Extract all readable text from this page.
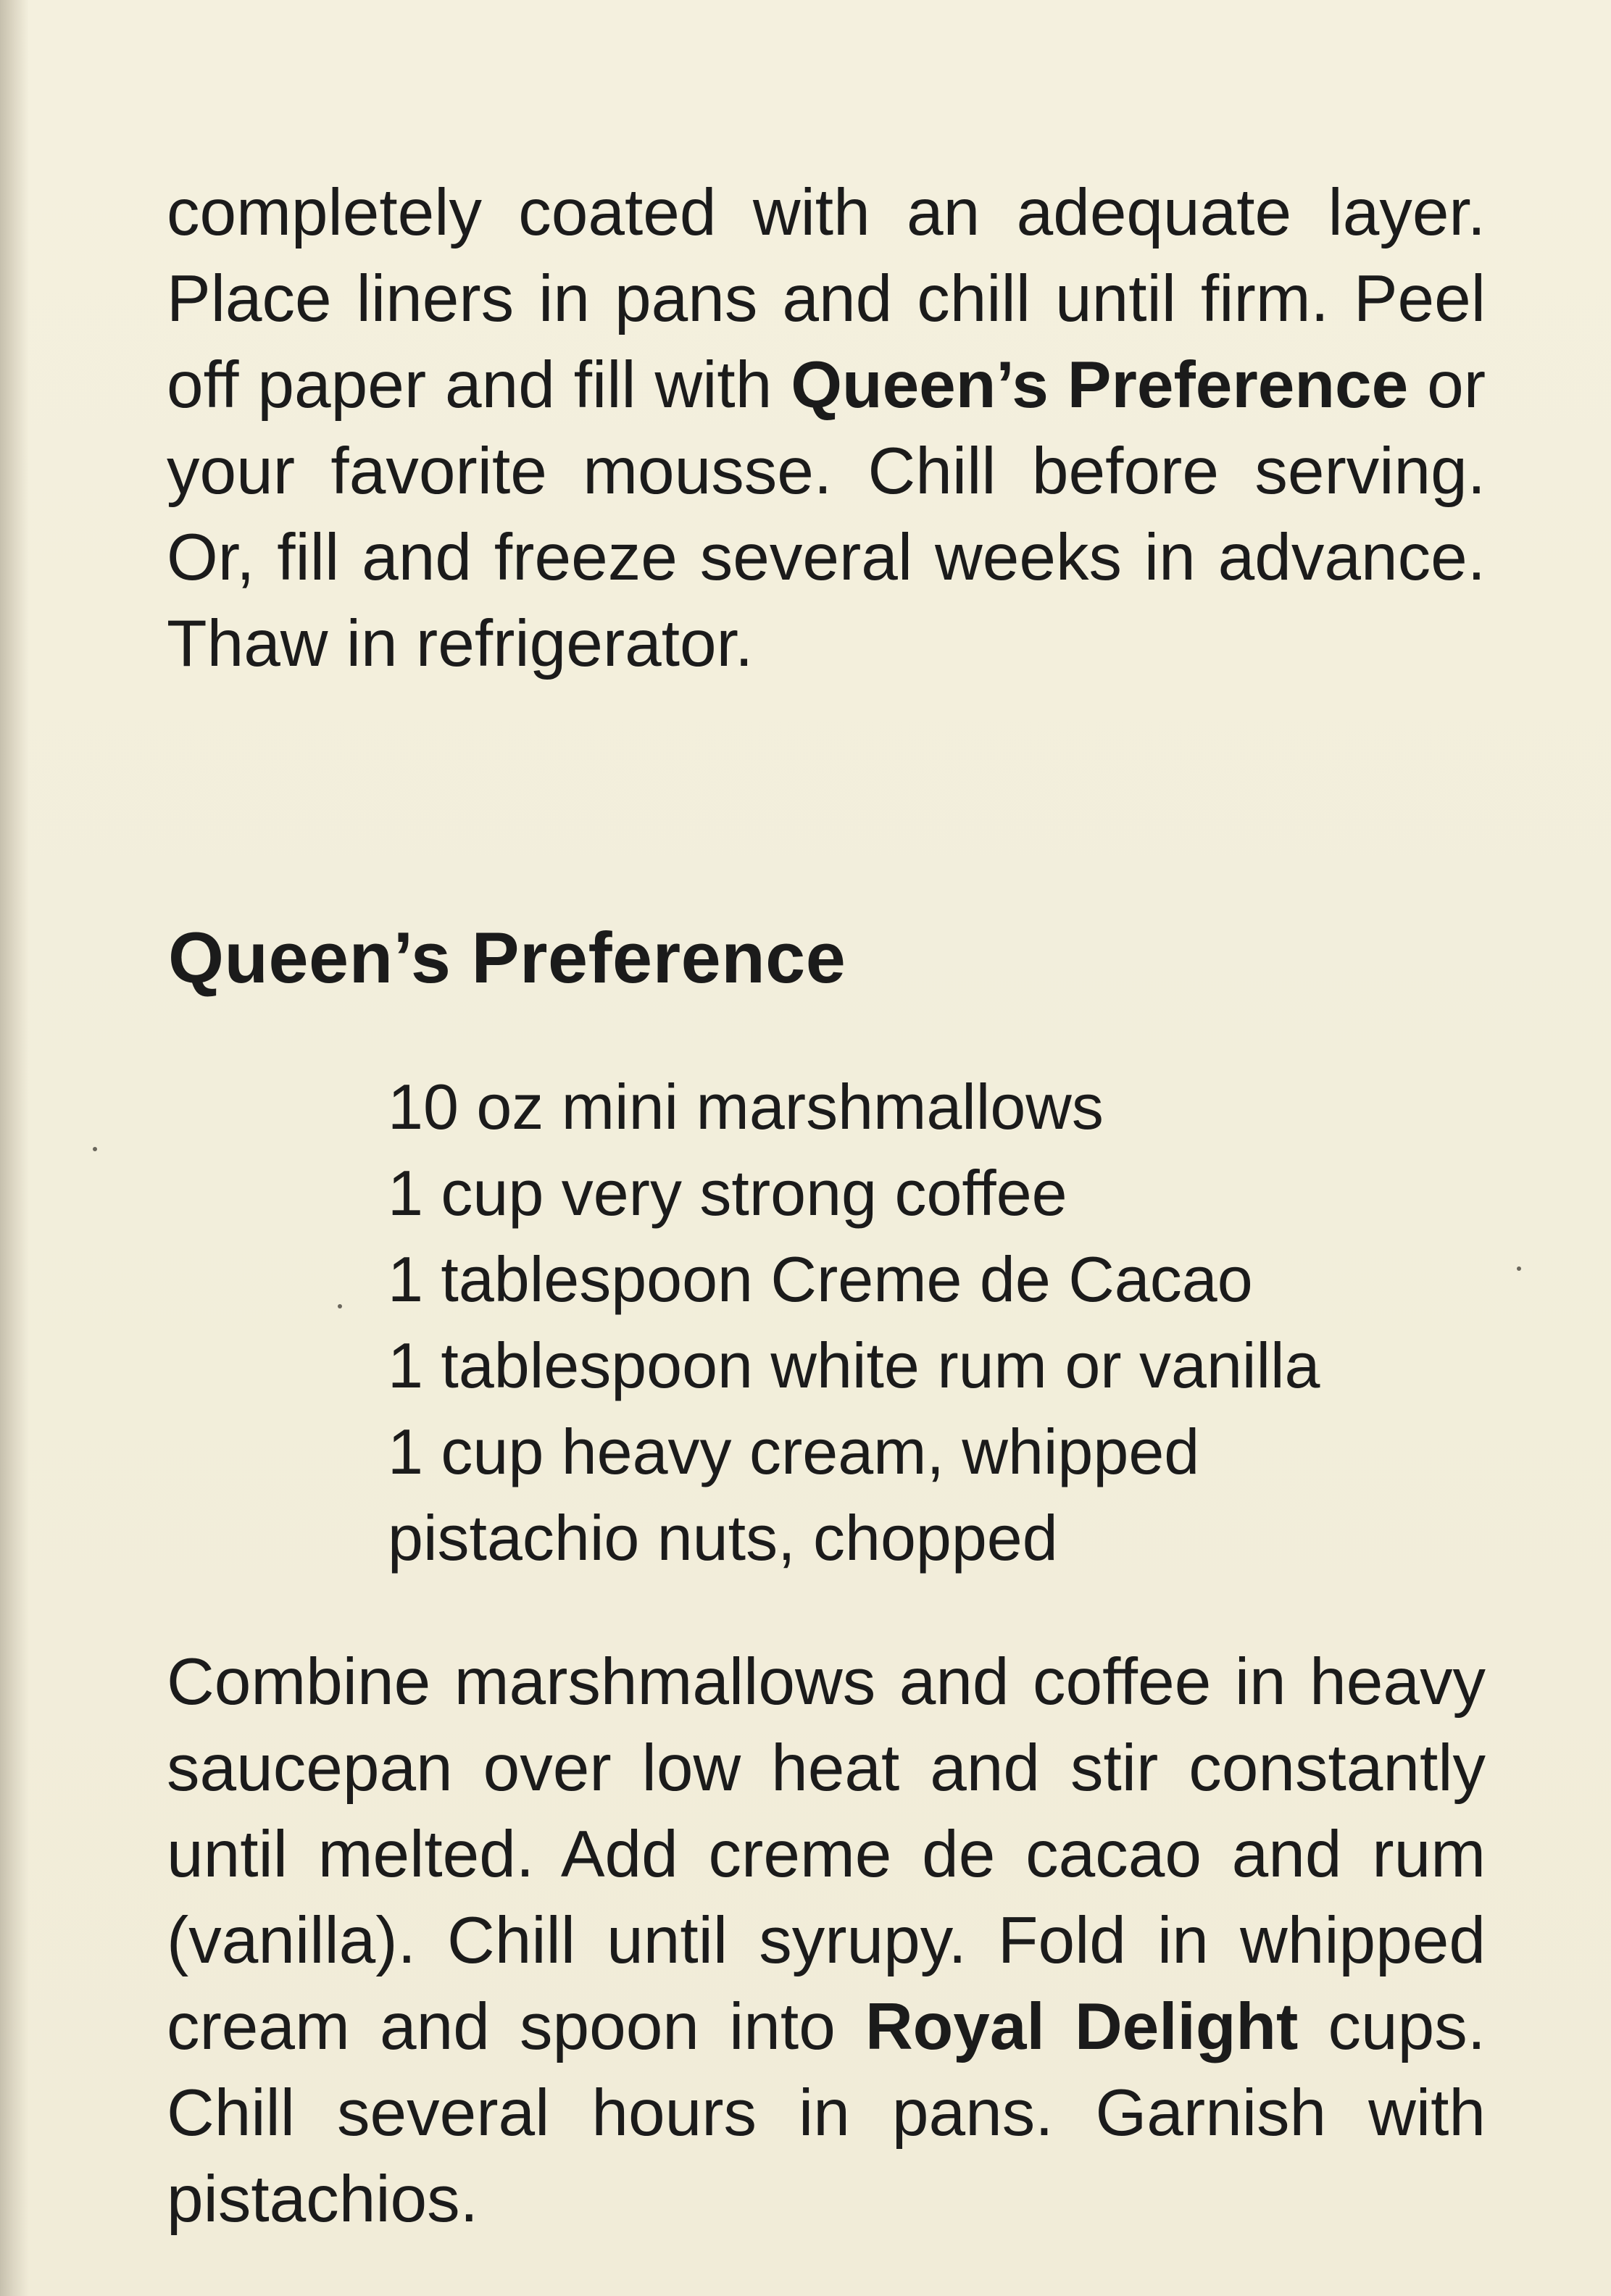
completely coated with an adequate layer. Place liners in pans and chill until firm. Peel off paper and fill with Queen’s Preference or your favorite mousse. Chill before serving. Or, fill and freeze several weeks in advance. Thaw in refrigerator.

Queen’s Preference
10 oz mini marshmallows
1 cup very strong coffee
1 tablespoon Creme de Cacao
1 tablespoon white rum or vanilla
1 cup heavy cream, whipped
pistachio nuts, chopped

Combine marshmallows and coffee in heavy saucepan over low heat and stir constantly until melted. Add creme de cacao and rum (vanilla). Chill until syrupy. Fold in whipped cream and spoon into Royal Delight cups. Chill several hours in pans. Garnish with pistachios.
